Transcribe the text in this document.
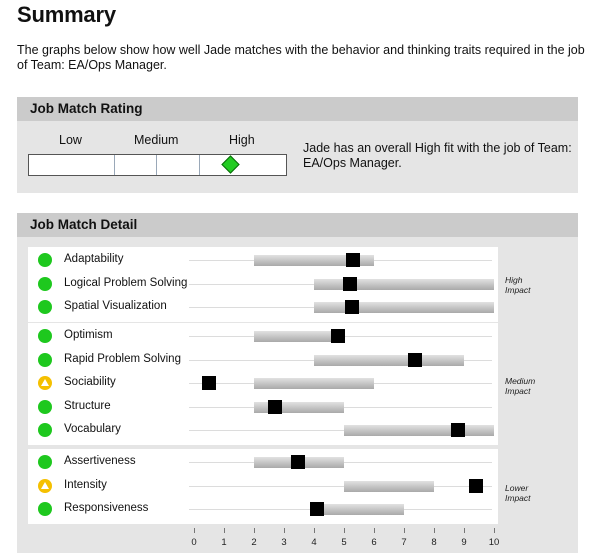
Summary
The graphs below show how well Jade matches with the behavior and thinking traits required in the job of Team: EA/Ops Manager.
Job Match Rating
Low	Medium	High
Jade has an overall High fit with the job of Team: EA/Ops Manager.
Job Match Detail
Adaptability
Logical Problem Solving
Spatial Visualization
High
Impact
Optimism
Rapid Problem Solving
Sociability
Structure
Vocabulary
Medium
Impact
Assertiveness
Intensity
Responsiveness
Lower
Impact
0	1	2	3	4	5	6	7	8	9	10
